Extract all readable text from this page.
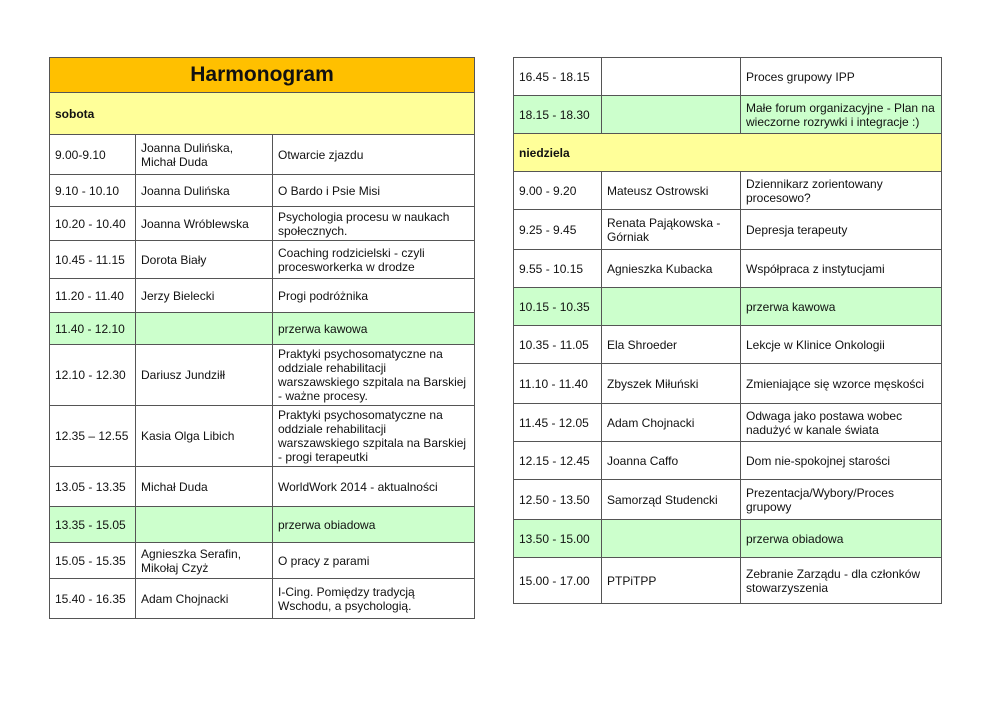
Harmonogram		
sobota		
9.00-9.10	Joanna Dulińska, Michał Duda	Otwarcie zjazdu
9.10 - 10.10	Joanna Dulińska	O Bardo i Psie Misi
10.20 - 10.40	Joanna Wróblewska	Psychologia procesu w naukach społecznych.
10.45 - 11.15	Dorota Biały	Coaching rodzicielski - czyli procesworkerka w drodze
11.20 - 11.40	Jerzy Bielecki	Progi podróżnika
11.40 - 12.10		przerwa kawowa
12.10 - 12.30	Dariusz Jundziłł	Praktyki psychosomatyczne na oddziale rehabilitacji warszawskiego szpitala na Barskiej - ważne procesy.
12.35 – 12.55	Kasia Olga Libich	Praktyki psychosomatyczne na oddziale rehabilitacji warszawskiego szpitala na Barskiej - progi terapeutki
13.05 - 13.35	Michał Duda	WorldWork 2014 - aktualności
13.35 - 15.05		przerwa obiadowa
15.05 - 15.35	Agnieszka Serafin, Mikołaj Czyż	O pracy z parami
15.40 - 16.35	Adam Chojnacki	I-Cing. Pomiędzy tradycją Wschodu, a psychologią.
16.45 - 18.15		Proces grupowy IPP
18.15 - 18.30		Małe forum organizacyjne - Plan na wieczorne rozrywki i integracje :)
niedziela		
9.00 - 9.20	Mateusz Ostrowski	Dziennikarz zorientowany procesowo?
9.25 - 9.45	Renata Pająkowska - Górniak	Depresja terapeuty
9.55 - 10.15	Agnieszka Kubacka	Współpraca z instytucjami
10.15 - 10.35		przerwa kawowa
10.35 - 11.05	Ela Shroeder	Lekcje w Klinice Onkologii
11.10 - 11.40	Zbyszek Miłuński	Zmieniające się wzorce męskości
11.45 - 12.05	Adam Chojnacki	Odwaga jako postawa wobec nadużyć w kanale świata
12.15 - 12.45	Joanna Caffo	Dom nie-spokojnej starości
12.50 - 13.50	Samorząd Studencki	Prezentacja/Wybory/Proces grupowy
13.50 - 15.00		przerwa obiadowa
15.00 - 17.00	PTPiTPP	Zebranie Zarządu - dla członków stowarzyszenia
